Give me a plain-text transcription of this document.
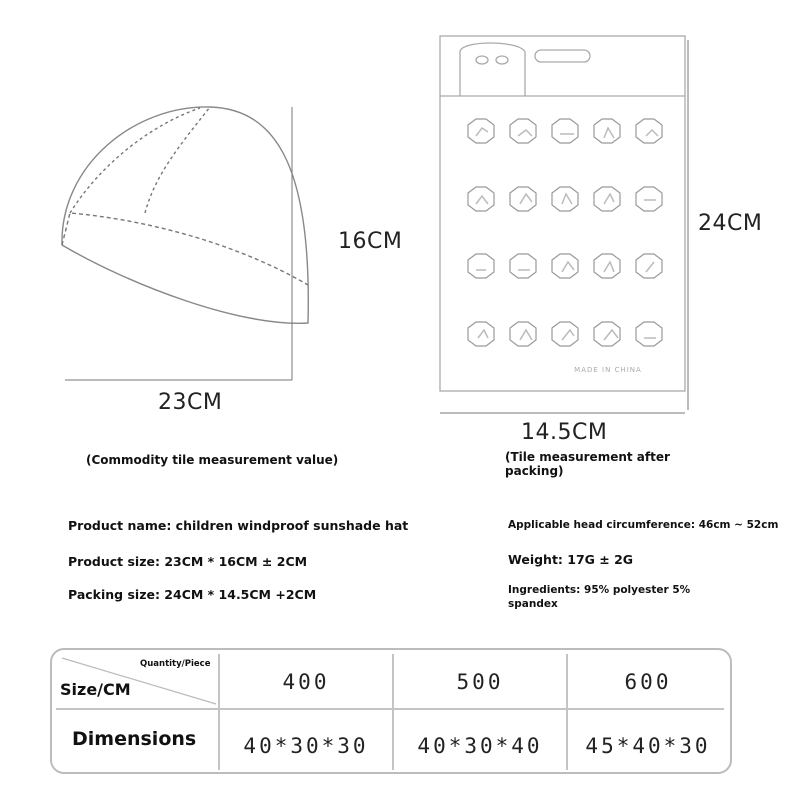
16CM
23CM
(Commodity tile measurement value)
MADE IN CHINA
24CM
14.5CM
(Tile measurement after packing)
Product name: children windproof sunshade hat
Product size: 23CM * 16CM ± 2CM
Packing size: 24CM * 14.5CM +2CM
Applicable head circumference: 46cm ~ 52cm
Weight: 17G ± 2G
Ingredients: 95% polyester 5% spandex
Quantity/Piece
Size/CM	400	500	600
Dimensions	40*30*30	40*30*40	45*40*30
